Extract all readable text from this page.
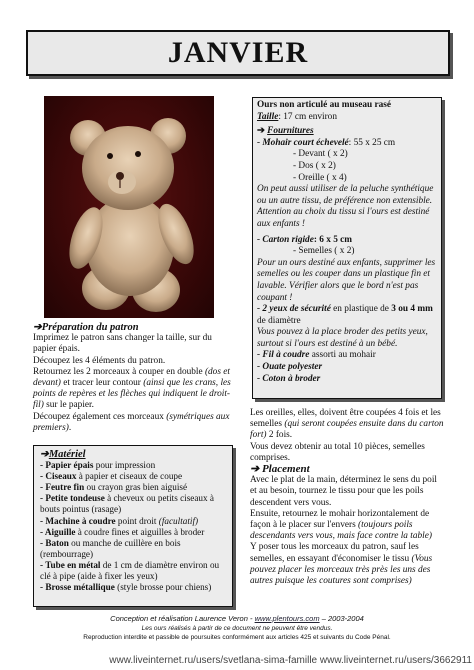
JANVIER

Ours non articulé au museau rasé

Taille: 17 cm environ

➔ Fournitures

- Mohair court échevelé: 55 x 25 cm

- Devant ( x 2)

- Dos ( x 2)

- Oreille ( x 4)

On peut aussi utiliser de la peluche synthétique ou un autre tissu, de préférence non extensible.

Attention au choix du tissu si l'ours est destiné aux enfants !

- Carton rigide: 6 x 5 cm

- Semelles ( x 2)

Pour un ours destiné aux enfants, supprimer les semelles ou les couper dans un plastique fin et lavable. Vérifier alors que le bord n'est pas coupant !

- 2 yeux de sécurité en plastique de 3 ou 4 mm de diamètre

Vous pouvez à la place broder des petits yeux, surtout si l'ours est destiné à un bébé.

- Fil à coudre assorti au mohair

- Ouate polyester

- Coton à broder

➔Préparation du patron
Imprimez le patron sans changer la taille, sur du papier épais.
Découpez les 4 éléments du patron.
Retournez les 2 morceaux à couper en double (dos et devant) et tracer leur contour (ainsi que les crans, les points de repères et les flèches qui indiquent le droit-fil) sur le papier.
Découpez également ces morceaux (symétriques aux premiers).

➔Matériel

- Papier épais pour impression

- Ciseaux à papier et ciseaux de coupe

- Feutre fin ou crayon gras bien aiguisé

- Petite tondeuse à cheveux ou petits ciseaux à bouts pointus (rasage)

- Machine à coudre point droit (facultatif)

- Aiguille à coudre fines et aiguilles à broder

- Baton ou manche de cuillère en bois (rembourrage)

- Tube en métal de 1 cm de diamètre environ ou clé à pipe (aide à fixer les yeux)

- Brosse métallique (style brosse pour chiens)

Les oreilles, elles, doivent être coupées 4 fois et les semelles (qui seront coupées ensuite dans du carton fort) 2 fois.
Vous devez obtenir au total 10 pièces, semelles comprises.
➔ Placement
Avec le plat de la main, déterminez le sens du poil et au besoin, tournez le tissu pour que les poils descendent vers vous.
Ensuite, retournez le mohair horizontalement de façon à le placer sur l'envers (toujours poils descendants vers vous, mais face contre la table)
Y poser tous les morceaux du patron, sauf les semelles, en essayant d'économiser le tissu (Vous pouvez placer les morceaux très près les uns des autres puisque les coutures sont comprises)
Conception et réalisation Laurence Veron - www.plentours.com – 2003-2004
Les ours réalisés à partir de ce document ne peuvent être vendus.
Reproduction interdite et passible de poursuites conformément aux articles 425 et suivants du Code Pénal.
www.liveinternet.ru/users/svetlana-sima-famille www.liveinternet.ru/users/3662911
